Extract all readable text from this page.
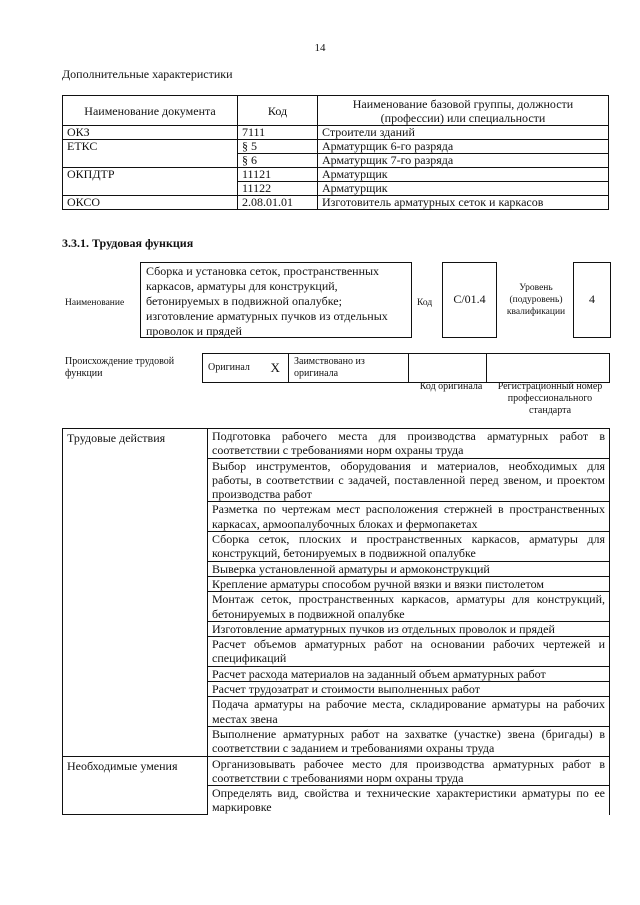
14
Дополнительные характеристики
Наименование документа	Код	Наименование базовой группы, должности (профессии) или специальности
ОКЗ	7111	Строители зданий
ЕТКС	§ 5	Арматурщик 6-го разряда
	§ 6	Арматурщик 7-го разряда
ОКПДТР	11121	Арматурщик
	11122	Арматурщик
ОКСО	2.08.01.01	Изготовитель арматурных сеток и каркасов
3.3.1. Трудовая функция
Наименование
Сборка и установка сеток, пространственных каркасов, арматуры для конструкций, бетонируемых в подвижной опалубке; изготовление арматурных пучков из отдельных проволок и прядей
Код	C/01.4
Уровень (подуровень) квалификации
4
Происхождение трудовой функции
Оригинал	X	Заимствовано из оригинала		
Код оригинала	Регистрационный номер профессионального стандарта
Трудовые действия	Подготовка рабочего места для производства арматурных работ в соответствии с требованиями норм охраны труда
	Выбор инструментов, оборудования и материалов, необходимых для работы, в соответствии с задачей, поставленной перед звеном, и проектом производства работ
	Разметка по чертежам мест расположения стержней в пространственных каркасах, армоопалубочных блоках и фермопакетах
	Сборка сеток, плоских и пространственных каркасов, арматуры для конструкций, бетонируемых в подвижной опалубке
	Выверка установленной арматуры и армоконструкций
	Крепление арматуры способом ручной вязки и вязки пистолетом
	Монтаж сеток, пространственных каркасов, арматуры для конструкций, бетонируемых в подвижной опалубке
	Изготовление арматурных пучков из отдельных проволок и прядей
	Расчет объемов арматурных работ на основании рабочих чертежей и спецификаций
	Расчет расхода материалов на заданный объем арматурных работ
	Расчет трудозатрат и стоимости выполненных работ
	Подача арматуры на рабочие места, складирование арматуры на рабочих местах звена
	Выполнение арматурных работ на захватке (участке) звена (бригады) в соответствии с заданием и требованиями охраны труда
Необходимые умения	Организовывать рабочее место для производства арматурных работ в соответствии с требованиями норм охраны труда
	Определять вид, свойства и технические характеристики арматуры по ее маркировке
